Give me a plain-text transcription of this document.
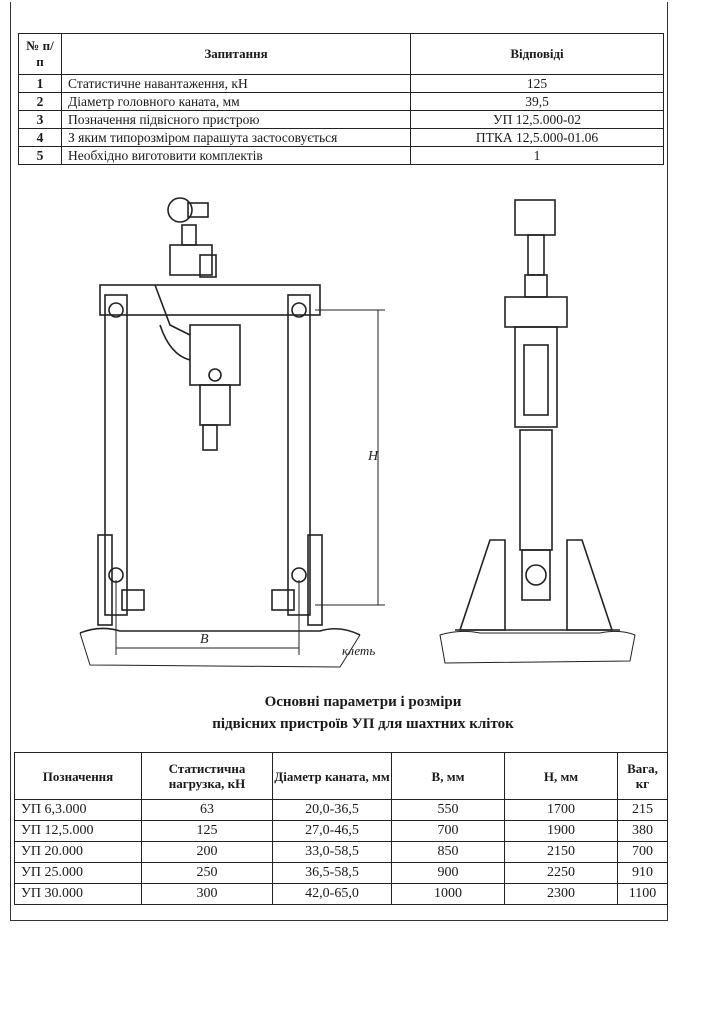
№ п/п	Запитання	Відповіді
1	Статистичне навантаження, кН	125
2	Діаметр головного каната, мм	39,5
3	Позначення підвісного пристрою	УП 12,5.000-02
4	З яким типорозміром парашута застосовується	ПТКА 12,5.000-01.06
5	Необхідно виготовити комплектів	1
H
B
клеть
Основні параметри і розміри
підвісних пристроїв УП для шахтних кліток
Позначення	Статистична нагрузка, кН	Діаметр каната, мм	B, мм	H, мм	Вага, кг
УП 6,3.000	63	20,0-36,5	550	1700	215
УП 12,5.000	125	27,0-46,5	700	1900	380
УП 20.000	200	33,0-58,5	850	2150	700
УП 25.000	250	36,5-58,5	900	2250	910
УП 30.000	300	42,0-65,0	1000	2300	1100
